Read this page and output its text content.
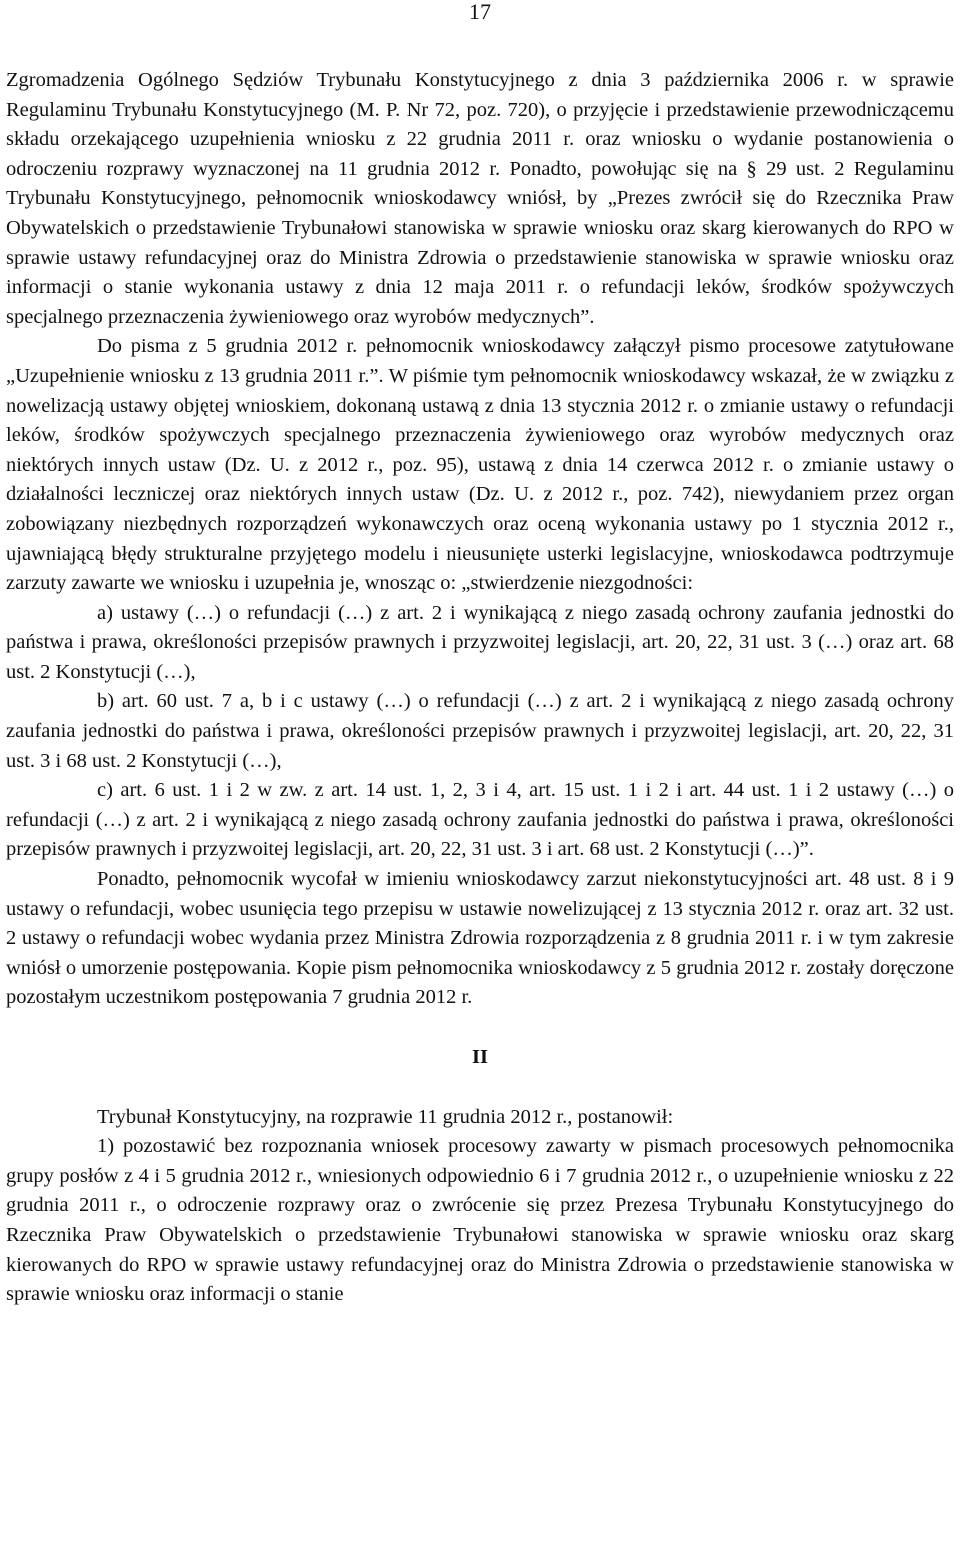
17

Zgromadzenia Ogólnego Sędziów Trybunału Konstytucyjnego z dnia 3 października 2006 r. w sprawie Regulaminu Trybunału Konstytucyjnego (M. P. Nr 72, poz. 720), o przyjęcie i przedstawienie przewodniczącemu składu orzekającego uzupełnienia wniosku z 22 grudnia 2011 r. oraz wniosku o wydanie postanowienia o odroczeniu rozprawy wyznaczonej na 11 grudnia 2012 r. Ponadto, powołując się na § 29 ust. 2 Regulaminu Trybunału Konstytucyjnego, pełnomocnik wnioskodawcy wniósł, by „Prezes zwrócił się do Rzecznika Praw Obywatelskich o przedstawienie Trybunałowi stanowiska w sprawie wniosku oraz skarg kierowanych do RPO w sprawie ustawy refundacyjnej oraz do Ministra Zdrowia o przedstawienie stanowiska w sprawie wniosku oraz informacji o stanie wykonania ustawy z dnia 12 maja 2011 r. o refundacji leków, środków spożywczych specjalnego przeznaczenia żywieniowego oraz wyrobów medycznych”.

Do pisma z 5 grudnia 2012 r. pełnomocnik wnioskodawcy załączył pismo procesowe zatytułowane „Uzupełnienie wniosku z 13 grudnia 2011 r.”. W piśmie tym pełnomocnik wnioskodawcy wskazał, że w związku z nowelizacją ustawy objętej wnioskiem, dokonaną ustawą z dnia 13 stycznia 2012 r. o zmianie ustawy o refundacji leków, środków spożywczych specjalnego przeznaczenia żywieniowego oraz wyrobów medycznych oraz niektórych innych ustaw (Dz. U. z 2012 r., poz. 95), ustawą z dnia 14 czerwca 2012 r. o zmianie ustawy o działalności leczniczej oraz niektórych innych ustaw (Dz. U. z 2012 r., poz. 742), niewydaniem przez organ zobowiązany niezbędnych rozporządzeń wykonawczych oraz oceną wykonania ustawy po 1 stycznia 2012 r., ujawniającą błędy strukturalne przyjętego modelu i nieusunięte usterki legislacyjne, wnioskodawca podtrzymuje zarzuty zawarte we wniosku i uzupełnia je, wnosząc o: „stwierdzenie niezgodności:

a) ustawy (…) o refundacji (…) z art. 2 i wynikającą z niego zasadą ochrony zaufania jednostki do państwa i prawa, określoności przepisów prawnych i przyzwoitej legislacji, art. 20, 22, 31 ust. 3 (…) oraz art. 68 ust. 2 Konstytucji (…),

b) art. 60 ust. 7 a, b i c ustawy (…) o refundacji (…) z art. 2 i wynikającą z niego zasadą ochrony zaufania jednostki do państwa i prawa, określoności przepisów prawnych i przyzwoitej legislacji, art. 20, 22, 31 ust. 3 i 68 ust. 2 Konstytucji (…),

c) art. 6 ust. 1 i 2 w zw. z art. 14 ust. 1, 2, 3 i 4, art. 15 ust. 1 i 2 i art. 44 ust. 1 i 2 ustawy (…) o refundacji (…) z art. 2 i wynikającą z niego zasadą ochrony zaufania jednostki do państwa i prawa, określoności przepisów prawnych i przyzwoitej legislacji, art. 20, 22, 31 ust. 3 i art. 68 ust. 2 Konstytucji (…)”.

Ponadto, pełnomocnik wycofał w imieniu wnioskodawcy zarzut niekonstytucyjności art. 48 ust. 8 i 9 ustawy o refundacji, wobec usunięcia tego przepisu w ustawie nowelizującej z 13 stycznia 2012 r. oraz art. 32 ust. 2 ustawy o refundacji wobec wydania przez Ministra Zdrowia rozporządzenia z 8 grudnia 2011 r. i w tym zakresie wniósł o umorzenie postępowania. Kopie pism pełnomocnika wnioskodawcy z 5 grudnia 2012 r. zostały doręczone pozostałym uczestnikom postępowania 7 grudnia 2012 r.

II

Trybunał Konstytucyjny, na rozprawie 11 grudnia 2012 r., postanowił:

1) pozostawić bez rozpoznania wniosek procesowy zawarty w pismach procesowych pełnomocnika grupy posłów z 4 i 5 grudnia 2012 r., wniesionych odpowiednio 6 i 7 grudnia 2012 r., o uzupełnienie wniosku z 22 grudnia 2011 r., o odroczenie rozprawy oraz o zwrócenie się przez Prezesa Trybunału Konstytucyjnego do Rzecznika Praw Obywatelskich o przedstawienie Trybunałowi stanowiska w sprawie wniosku oraz skarg kierowanych do RPO w sprawie ustawy refundacyjnej oraz do Ministra Zdrowia o przedstawienie stanowiska w sprawie wniosku oraz informacji o stanie
